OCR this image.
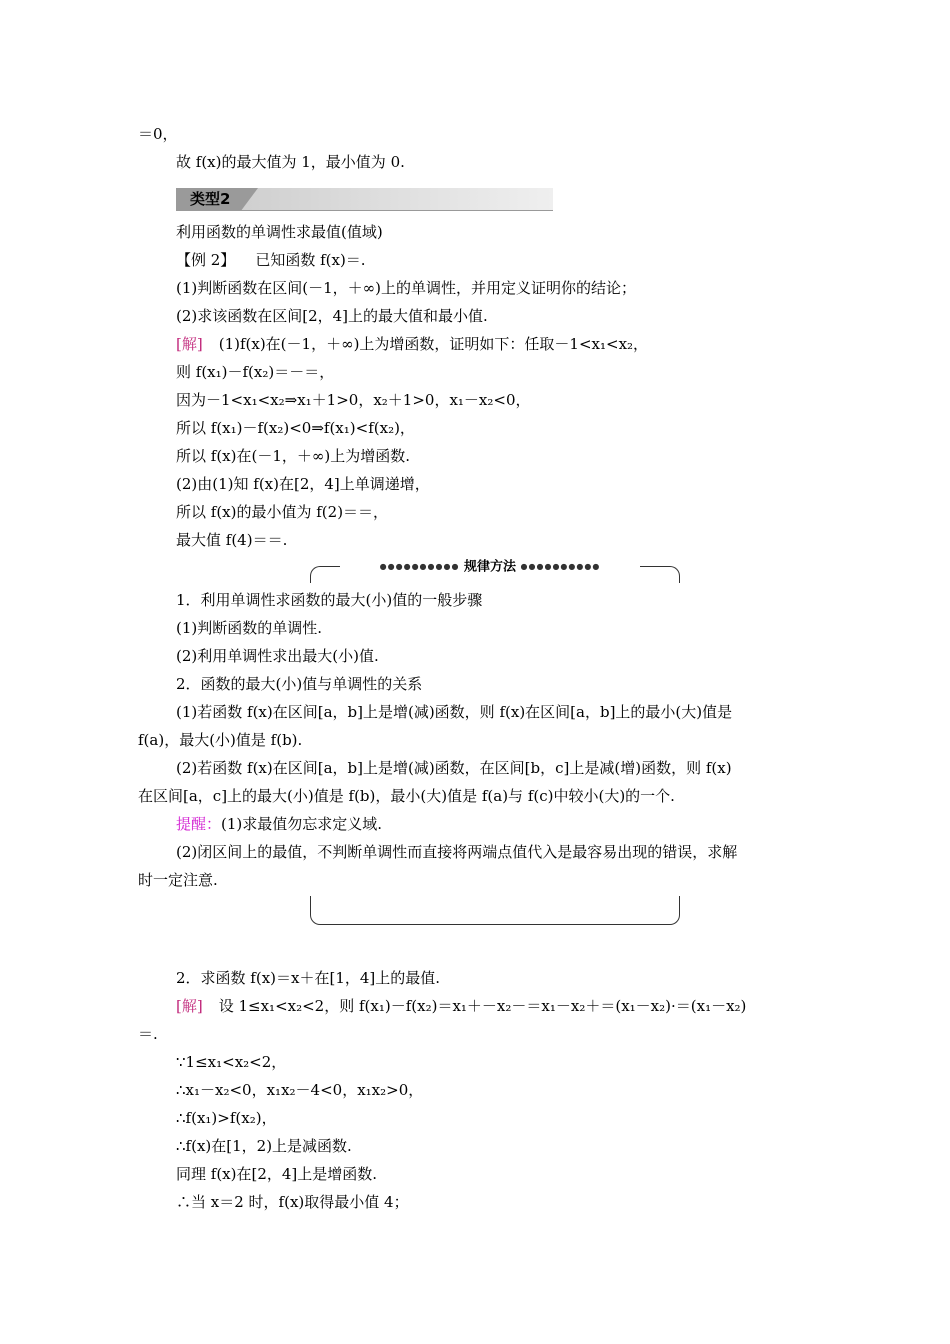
＝0，
故 f(x)的最大值为 1，最小值为 0.
类型2
利用函数的单调性求最值(值域)
【例 2】 已知函数 f(x)＝.
(1)判断函数在区间(－1，＋∞)上的单调性，并用定义证明你的结论；
(2)求该函数在区间[2，4]上的最大值和最小值.
[解] (1)f(x)在(－1，＋∞)上为增函数，证明如下：任取－1<x₁<x₂，
则 f(x₁)－f(x₂)＝－＝，
因为－1<x₁<x₂⇒x₁＋1>0，x₂＋1>0，x₁－x₂<0，
所以 f(x₁)－f(x₂)<0⇒f(x₁)<f(x₂)，
所以 f(x)在(－1，＋∞)上为增函数.
(2)由(1)知 f(x)在[2，4]上单调递增，
所以 f(x)的最小值为 f(2)＝＝，
最大值 f(4)＝＝.
●●●●●●●●●● 规律方法 ●●●●●●●●●●
1．利用单调性求函数的最大(小)值的一般步骤
(1)判断函数的单调性.
(2)利用单调性求出最大(小)值.
2．函数的最大(小)值与单调性的关系
(1)若函数 f(x)在区间[a，b]上是增(减)函数，则 f(x)在区间[a，b]上的最小(大)值是
f(a)，最大(小)值是 f(b).
(2)若函数 f(x)在区间[a，b]上是增(减)函数，在区间[b，c]上是减(增)函数，则 f(x)
在区间[a，c]上的最大(小)值是 f(b)，最小(大)值是 f(a)与 f(c)中较小(大)的一个.
提醒：(1)求最值勿忘求定义域.
(2)闭区间上的最值，不判断单调性而直接将两端点值代入是最容易出现的错误，求解
时一定注意.
2．求函数 f(x)＝x＋在[1，4]上的最值.
[解] 设 1≤x₁<x₂<2，则 f(x₁)－f(x₂)＝x₁＋－x₂－＝x₁－x₂＋＝(x₁－x₂)·＝(x₁－x₂)
＝.
∵1≤x₁<x₂<2，
∴x₁－x₂<0，x₁x₂－4<0，x₁x₂>0，
∴f(x₁)>f(x₂)，
∴f(x)在[1，2)上是减函数.
同理 f(x)在[2，4]上是增函数.
∴当 x＝2 时，f(x)取得最小值 4；
